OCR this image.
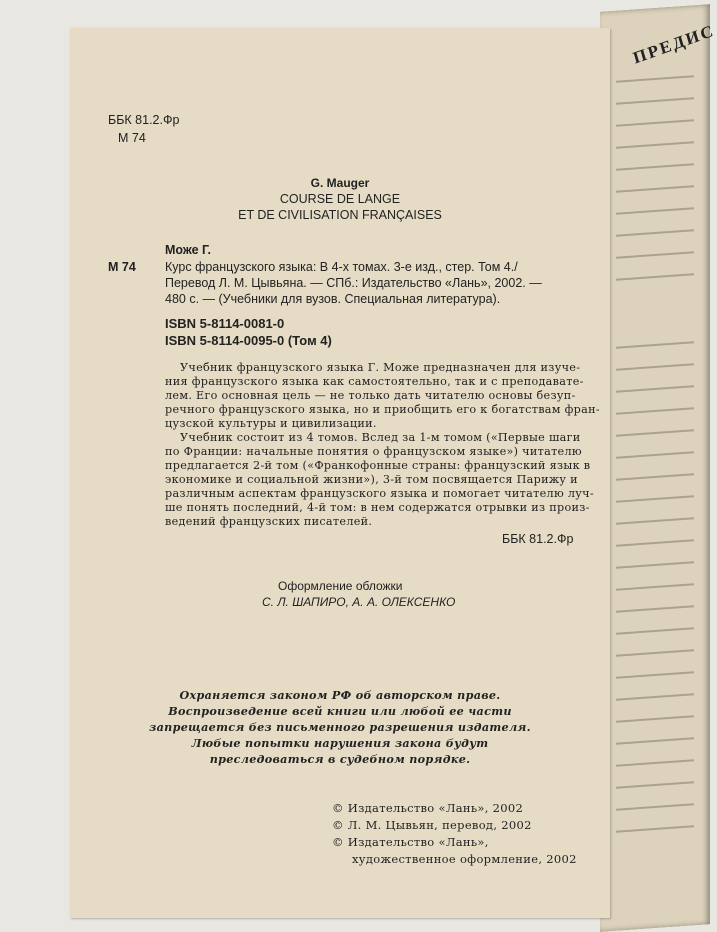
ПРЕДИС
ББК 81.2.Фр
М 74
G. Mauger
COURSE DE LANGE
ET DE CIVILISATION FRANÇAISES
Може Г.
М 74 Курс французского языка: В 4-х томах. 3-е изд., стер. Том 4./
Перевод Л. М. Цывьяна. — СПб.: Издательство «Лань», 2002. —
480 с. — (Учебники для вузов. Специальная литература).
ISBN 5-8114-0081-0
ISBN 5-8114-0095-0 (Том 4)
Учебник французского языка Г. Може предназначен для изуче-
ния французского языка как самостоятельно, так и с преподавате-
лем. Его основная цель — не только дать читателю основы безуп-
речного французского языка, но и приобщить его к богатствам фран-
цузской культуры и цивилизации.
Учебник состоит из 4 томов. Вслед за 1-м томом («Первые шаги
по Франции: начальные понятия о французском языке») читателю
предлагается 2-й том («Франкофонные страны: французский язык в
экономике и социальной жизни»), 3-й том посвящается Парижу и
различным аспектам французского языка и помогает читателю луч-
ше понять последний, 4-й том: в нем содержатся отрывки из произ-
ведений французских писателей.
ББК 81.2.Фр
Оформление обложки
С. Л. ШАПИРО, А. А. ОЛЕКСЕНКО
Охраняется законом РФ об авторском праве.
Воспроизведение всей книги или любой ее части
запрещается без письменного разрешения издателя.
Любые попытки нарушения закона будут
преследоваться в судебном порядке.
© Издательство «Лань», 2002
© Л. М. Цывьян, перевод, 2002
© Издательство «Лань»,
художественное оформление, 2002
